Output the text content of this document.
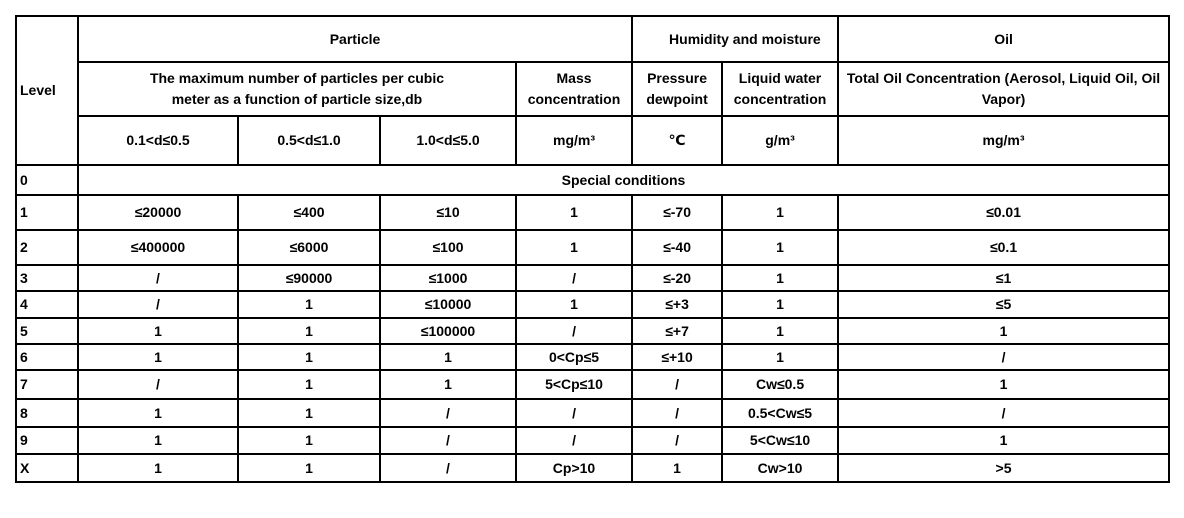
Level	Particle				Humidity and moisture		Oil
	The maximum number of particles per cubic meter as a function of particle size,db			Mass concentration	Pressure dewpoint	Liquid water concentration	Total Oil Concentration (Aerosol, Liquid Oil, Oil Vapor)
	0.1<d≤0.5	0.5<d≤1.0	1.0<d≤5.0	mg/m³	℃	g/m³	mg/m³
0	Special conditions						
1	≤20000	≤400	≤10	1	≤-70	1	≤0.01
2	≤400000	≤6000	≤100	1	≤-40	1	≤0.1
3	/	≤90000	≤1000	/	≤-20	1	≤1
4	/	1	≤10000	1	≤+3	1	≤5
5	1	1	≤100000	/	≤+7	1	1
6	1	1	1	0<Cp≤5	≤+10	1	/
7	/	1	1	5<Cp≤10	/	Cw≤0.5	1
8	1	1	/	/	/	0.5<Cw≤5	/
9	1	1	/	/	/	5<Cw≤10	1
X	1	1	/	Cp>10	1	Cw>10	>5
